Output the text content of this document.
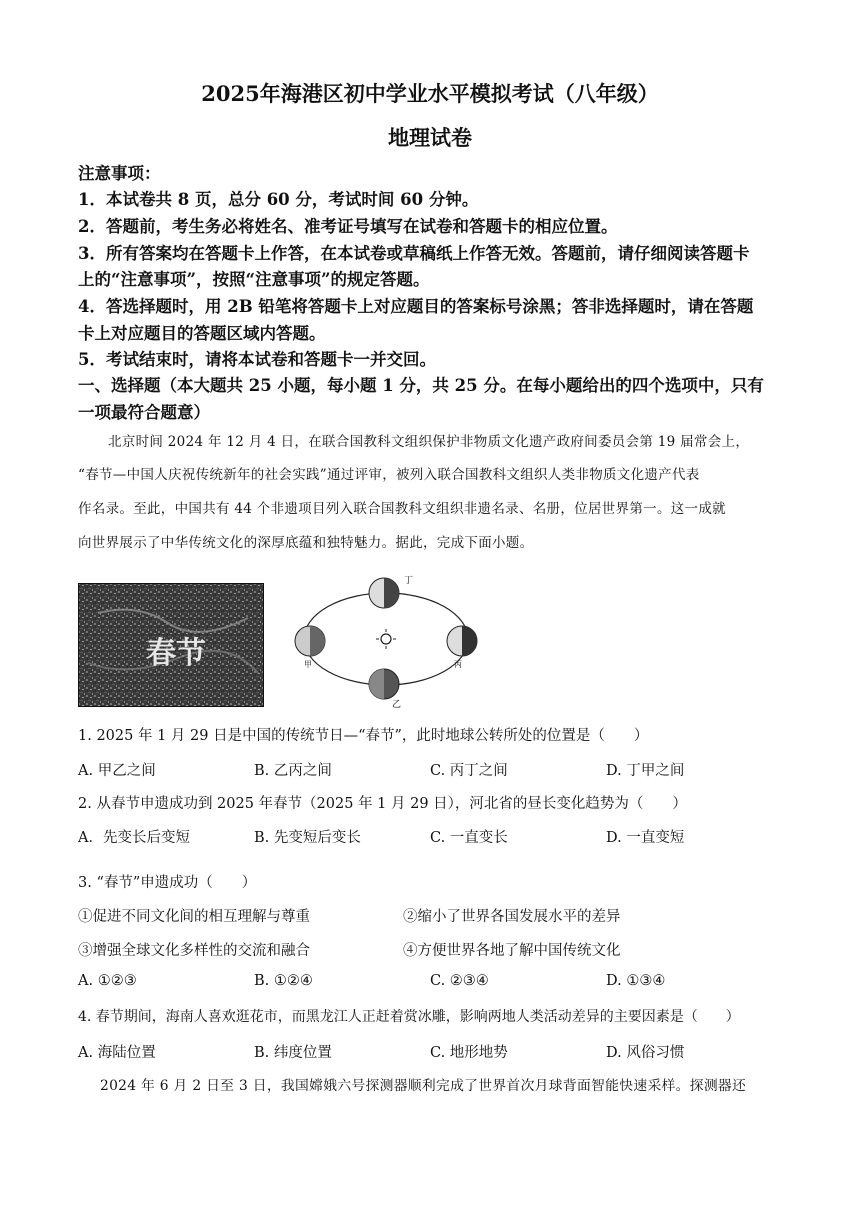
2025年海港区初中学业水平模拟考试（八年级）
地理试卷
注意事项：
1．本试卷共 8 页，总分 60 分，考试时间 60 分钟。
2．答题前，考生务必将姓名、准考证号填写在试卷和答题卡的相应位置。
3．所有答案均在答题卡上作答，在本试卷或草稿纸上作答无效。答题前，请仔细阅读答题卡
上的“注意事项”，按照“注意事项”的规定答题。
4．答选择题时，用 2B 铅笔将答题卡上对应题目的答案标号涂黑；答非选择题时，请在答题
卡上对应题目的答题区域内答题。
5．考试结束时，请将本试卷和答题卡一并交回。
一、选择题（本大题共 25 小题，每小题 1 分，共 25 分。在每小题给出的四个选项中，只有
一项最符合题意）
北京时间 2024 年 12 月 4 日，在联合国教科文组织保护非物质文化遗产政府间委员会第 19 届常会上，
“春节—中国人庆祝传统新年的社会实践”通过评审，被列入联合国教科文组织人类非物质文化遗产代表
作名录。至此，中国共有 44 个非遗项目列入联合国教科文组织非遗名录、名册，位居世界第一。这一成就
向世界展示了中华传统文化的深厚底蕴和独特魅力。据此，完成下面小题。
春节
丁
丙
乙
甲
1. 2025 年 1 月 29 日是中国的传统节日—“春节”，此时地球公转所处的位置是（　　）
A. 甲乙之间	B. 乙丙之间	C. 丙丁之间	D. 丁甲之间
2. 从春节申遗成功到 2025 年春节（2025 年 1 月 29 日），河北省的昼长变化趋势为（　　）
A．先变长后变短	B. 先变短后变长	C. 一直变长	D. 一直变短
3. “春节”申遗成功（　　）
①促进不同文化间的相互理解与尊重	②缩小了世界各国发展水平的差异
③增强全球文化多样性的交流和融合	④方便世界各地了解中国传统文化
A. ①②③	B. ①②④	C. ②③④	D. ①③④
4. 春节期间，海南人喜欢逛花市，而黑龙江人正赶着赏冰雕，影响两地人类活动差异的主要因素是（　　）
A. 海陆位置	B. 纬度位置	C. 地形地势	D. 风俗习惯
2024 年 6 月 2 日至 3 日，我国嫦娥六号探测器顺利完成了世界首次月球背面智能快速采样。探测器还
